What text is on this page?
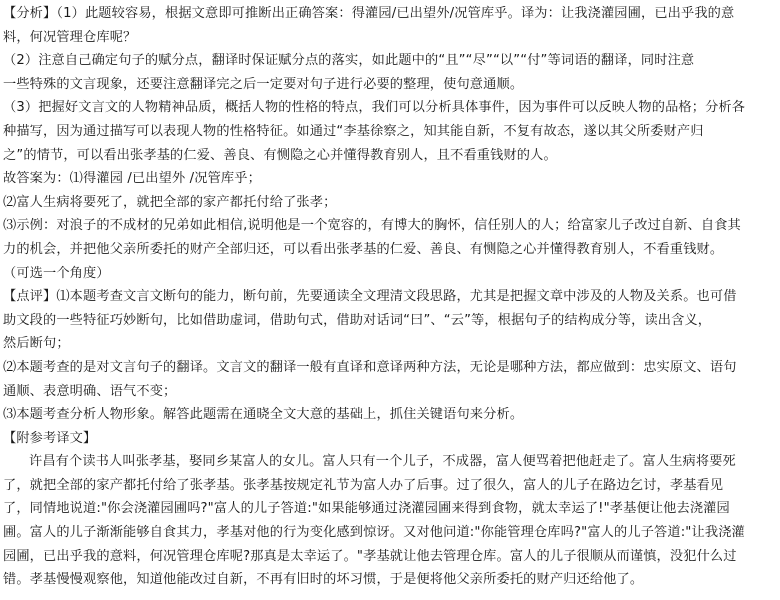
【分析】（1）此题较容易，根据文意即可推断出正确答案：得灌园/已出望外/况管库乎。译为：让我浇灌园圃，已出乎我的意
料，何况管理仓库呢？
（2）注意自己确定句子的赋分点，翻译时保证赋分点的落实，如此题中的“且”“尽”“以”“付”等词语的翻译，同时注意
一些特殊的文言现象，还要注意翻译完之后一定要对句子进行必要的整理，使句意通顺。
（3）把握好文言文的人物精神品质，概括人物的性格的特点，我们可以分析具体事件，因为事件可以反映人物的品格；分析各
种描写，因为通过描写可以表现人物的性格特征。如通过“李基徐察之，知其能自新，不复有故态，遂以其父所委财产归
之”的情节，可以看出张孝基的仁爱、善良、有恻隐之心并懂得教育别人，且不看重钱财的人。
故答案为：⑴得灌园 /已出望外 /况管库乎；
⑵富人生病将要死了，就把全部的家产都托付给了张孝；
⑶示例：对浪子的不成材的兄弟如此相信,说明他是一个宽容的，有博大的胸怀，信任别人的人；给富家儿子改过自新、自食其
力的机会，并把他父亲所委托的财产全部归还，可以看出张孝基的仁爱、善良、有恻隐之心并懂得教育别人，不看重钱财。
（可选一个角度）
【点评】⑴本题考查文言文断句的能力，断句前，先要通读全文理清文段思路，尤其是把握文章中涉及的人物及关系。也可借
助文段的一些特征巧妙断句，比如借助虚词，借助句式，借助对话词“曰”、“云”等，根据句子的结构成分等，读出含义，
然后断句；
⑵本题考查的是对文言句子的翻译。文言文的翻译一般有直译和意译两种方法，无论是哪种方法，都应做到：忠实原文、语句
通顺、表意明确、语气不变；
⑶本题考查分析人物形象。解答此题需在通晓全文大意的基础上，抓住关键语句来分析。
【附参考译文】
许昌有个读书人叫张孝基，娶同乡某富人的女儿。富人只有一个儿子，不成器，富人便骂着把他赶走了。富人生病将要死
了，就把全部的家产都托付给了张孝基。张孝基按规定礼节为富人办了后事。过了很久，富人的儿子在路边乞讨，孝基看见
了，同情地说道:"你会浇灌园圃吗?"富人的儿子答道:"如果能够通过浇灌园圃来得到食物，就太幸运了!"孝基便让他去浇灌园
圃。富人的儿子渐渐能够自食其力，孝基对他的行为变化感到惊讶。又对他问道:"你能管理仓库吗?"富人的儿子答道:"让我浇灌
园圃，已出乎我的意料，何况管理仓库呢?那真是太幸运了。"孝基就让他去管理仓库。富人的儿子很顺从而谨慎，没犯什么过
错。孝基慢慢观察他，知道他能改过自新，不再有旧时的坏习惯，于是便将他父亲所委托的财产归还给他了。
